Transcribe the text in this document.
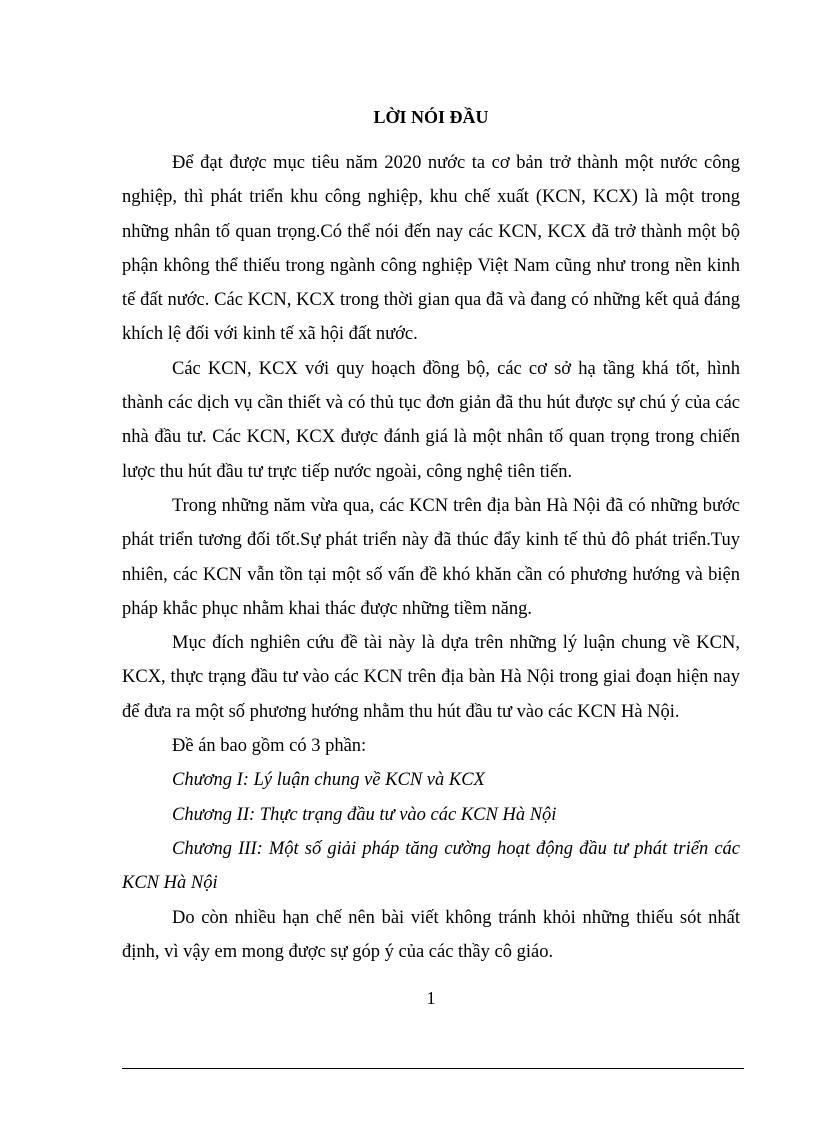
LỜI NÓI ĐẦU

Để đạt được mục tiêu năm 2020 nước ta cơ bản trở thành một nước công nghiệp, thì phát triển khu công nghiệp, khu chế xuất (KCN, KCX) là một trong những nhân tố quan trọng.Có thể nói đến nay các KCN, KCX đã trở thành một bộ phận không thể thiếu trong ngành công nghiệp Việt Nam cũng như trong nền kinh tế đất nước. Các KCN, KCX trong thời gian qua đã và đang có những kết quả đáng khích lệ đối với kinh tế xã hội đất nước.

Các KCN, KCX với quy hoạch đồng bộ, các cơ sở hạ tầng khá tốt, hình thành các dịch vụ cần thiết và có thủ tục đơn giản đã thu hút được sự chú ý của các nhà đầu tư. Các KCN, KCX được đánh giá là một nhân tố quan trọng trong chiến lược thu hút đầu tư trực tiếp nước ngoài, công nghệ tiên tiến.

Trong những năm vừa qua, các KCN trên địa bàn Hà Nội đã có những bước phát triển tương đối tốt.Sự phát triển này đã thúc đẩy kinh tế thủ đô phát triển.Tuy nhiên, các KCN vẫn tồn tại một số vấn đề khó khăn cần có phương hướng và biện pháp khắc phục nhằm khai thác được những tiềm năng.

Mục đích nghiên cứu đề tài này là dựa trên những lý luận chung về KCN, KCX, thực trạng đầu tư vào các KCN trên địa bàn Hà Nội trong giai đoạn hiện nay để đưa ra một số phương hướng nhằm thu hút đầu tư vào các KCN Hà Nội.

Đề án bao gồm có 3 phần:

Chương I: Lý luận chung về KCN và KCX

Chương II: Thực trạng đầu tư vào các KCN Hà Nội

Chương III: Một số giải pháp tăng cường hoạt động đầu tư phát triển các KCN Hà Nội

Do còn nhiều hạn chế nên bài viết không tránh khỏi những thiếu sót nhất định, vì vậy em mong được sự góp ý của các thầy cô giáo.

1
